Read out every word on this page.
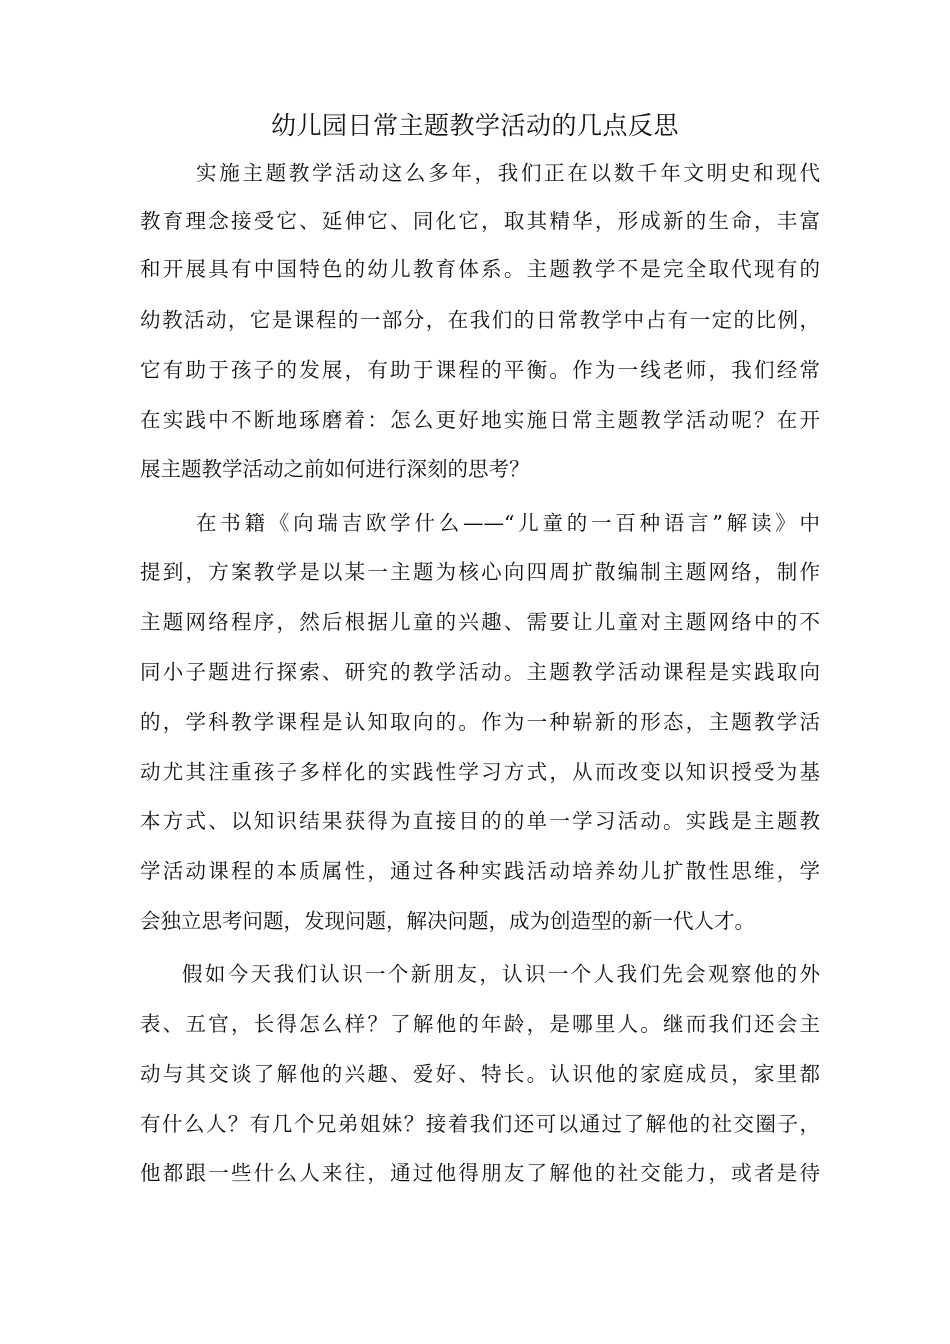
幼儿园日常主题教学活动的几点反思
实施主题教学活动这么多年，我们正在以数千年文明史和现代
教育理念接受它、延伸它、同化它，取其精华，形成新的生命，丰富
和开展具有中国特色的幼儿教育体系。主题教学不是完全取代现有的
幼教活动，它是课程的一部分，在我们的日常教学中占有一定的比例，
它有助于孩子的发展，有助于课程的平衡。作为一线老师，我们经常
在实践中不断地琢磨着：怎么更好地实施日常主题教学活动呢？在开
展主题教学活动之前如何进行深刻的思考？
在书籍《向瑞吉欧学什么——“儿童的一百种语言”解读》中
提到，方案教学是以某一主题为核心向四周扩散编制主题网络，制作
主题网络程序，然后根据儿童的兴趣、需要让儿童对主题网络中的不
同小子题进行探索、研究的教学活动。主题教学活动课程是实践取向
的，学科教学课程是认知取向的。作为一种崭新的形态，主题教学活
动尤其注重孩子多样化的实践性学习方式，从而改变以知识授受为基
本方式、以知识结果获得为直接目的的单一学习活动。实践是主题教
学活动课程的本质属性，通过各种实践活动培养幼儿扩散性思维，学
会独立思考问题，发现问题，解决问题，成为创造型的新一代人才。
假如今天我们认识一个新朋友，认识一个人我们先会观察他的外
表、五官，长得怎么样？了解他的年龄，是哪里人。继而我们还会主
动与其交谈了解他的兴趣、爱好、特长。认识他的家庭成员，家里都
有什么人？有几个兄弟姐妹？接着我们还可以通过了解他的社交圈子，
他都跟一些什么人来往，通过他得朋友了解他的社交能力，或者是待
